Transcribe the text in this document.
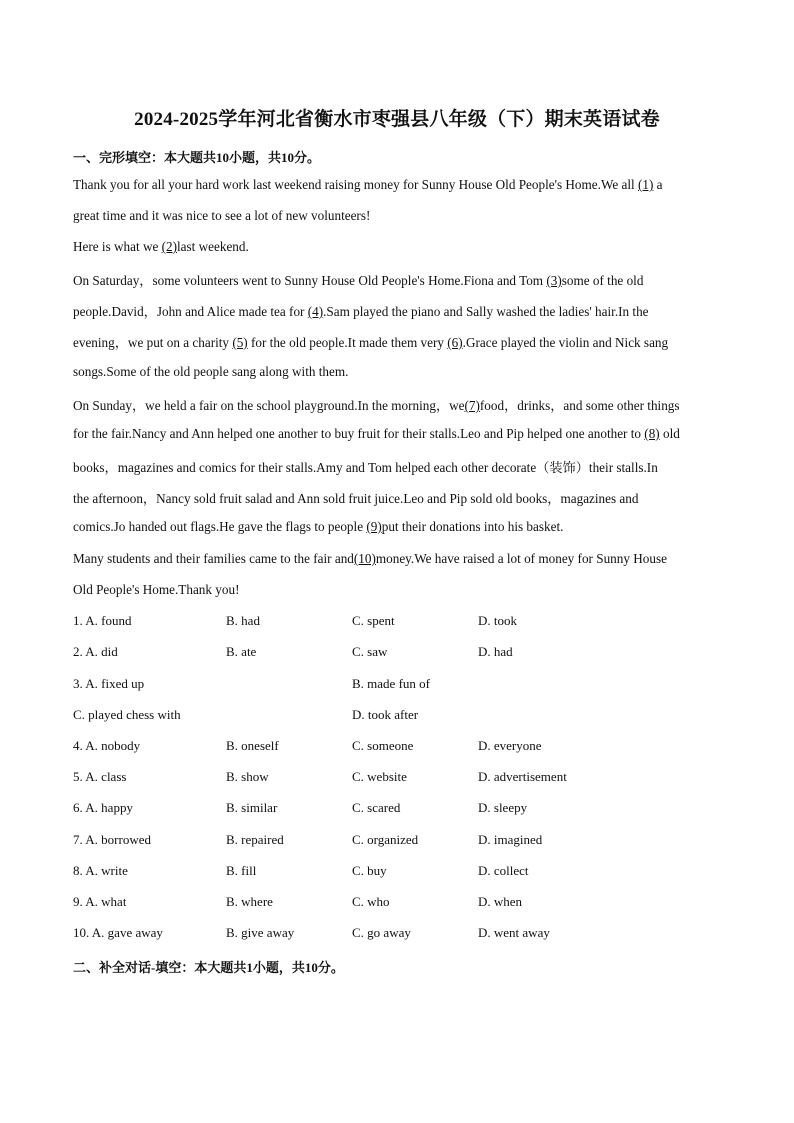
2024-2025学年河北省衡水市枣强县八年级（下）期末英语试卷
一、完形填空：本大题共10小题，共10分。
Thank you for all your hard work last weekend raising money for Sunny House Old People's Home.We all (1) a
great time and it was nice to see a lot of new volunteers!
Here is what we (2)last weekend.
On Saturday，some volunteers went to Sunny House Old People's Home.Fiona and Tom (3)some of the old
people.David，John and Alice made tea for (4).Sam played the piano and Sally washed the ladies' hair.In the
evening，we put on a charity (5) for the old people.It made them very (6).Grace played the violin and Nick sang
songs.Some of the old people sang along with them.
On Sunday，we held a fair on the school playground.In the morning，we(7)food，drinks，and some other things
for the fair.Nancy and Ann helped one another to buy fruit for their stalls.Leo and Pip helped one another to (8) old
books，magazines and comics for their stalls.Amy and Tom helped each other decorate（装饰）their stalls.In
the afternoon，Nancy sold fruit salad and Ann sold fruit juice.Leo and Pip sold old books，magazines and
comics.Jo handed out flags.He gave the flags to people (9)put their donations into his basket.
Many students and their families came to the fair and(10)money.We have raised a lot of money for Sunny House
Old People's Home.Thank you!
1. A. found	B. had	C. spent	D. took
2. A. did	B. ate	C. saw	D. had
3. A. fixed up	B. made fun of
C. played chess with	D. took after
4. A. nobody	B. oneself	C. someone	D. everyone
5. A. class	B. show	C. website	D. advertisement
6. A. happy	B. similar	C. scared	D. sleepy
7. A. borrowed	B. repaired	C. organized	D. imagined
8. A. write	B. fill	C. buy	D. collect
9. A. what	B. where	C. who	D. when
10. A. gave away	B. give away	C. go away	D. went away
二、补全对话-填空：本大题共1小题，共10分。
